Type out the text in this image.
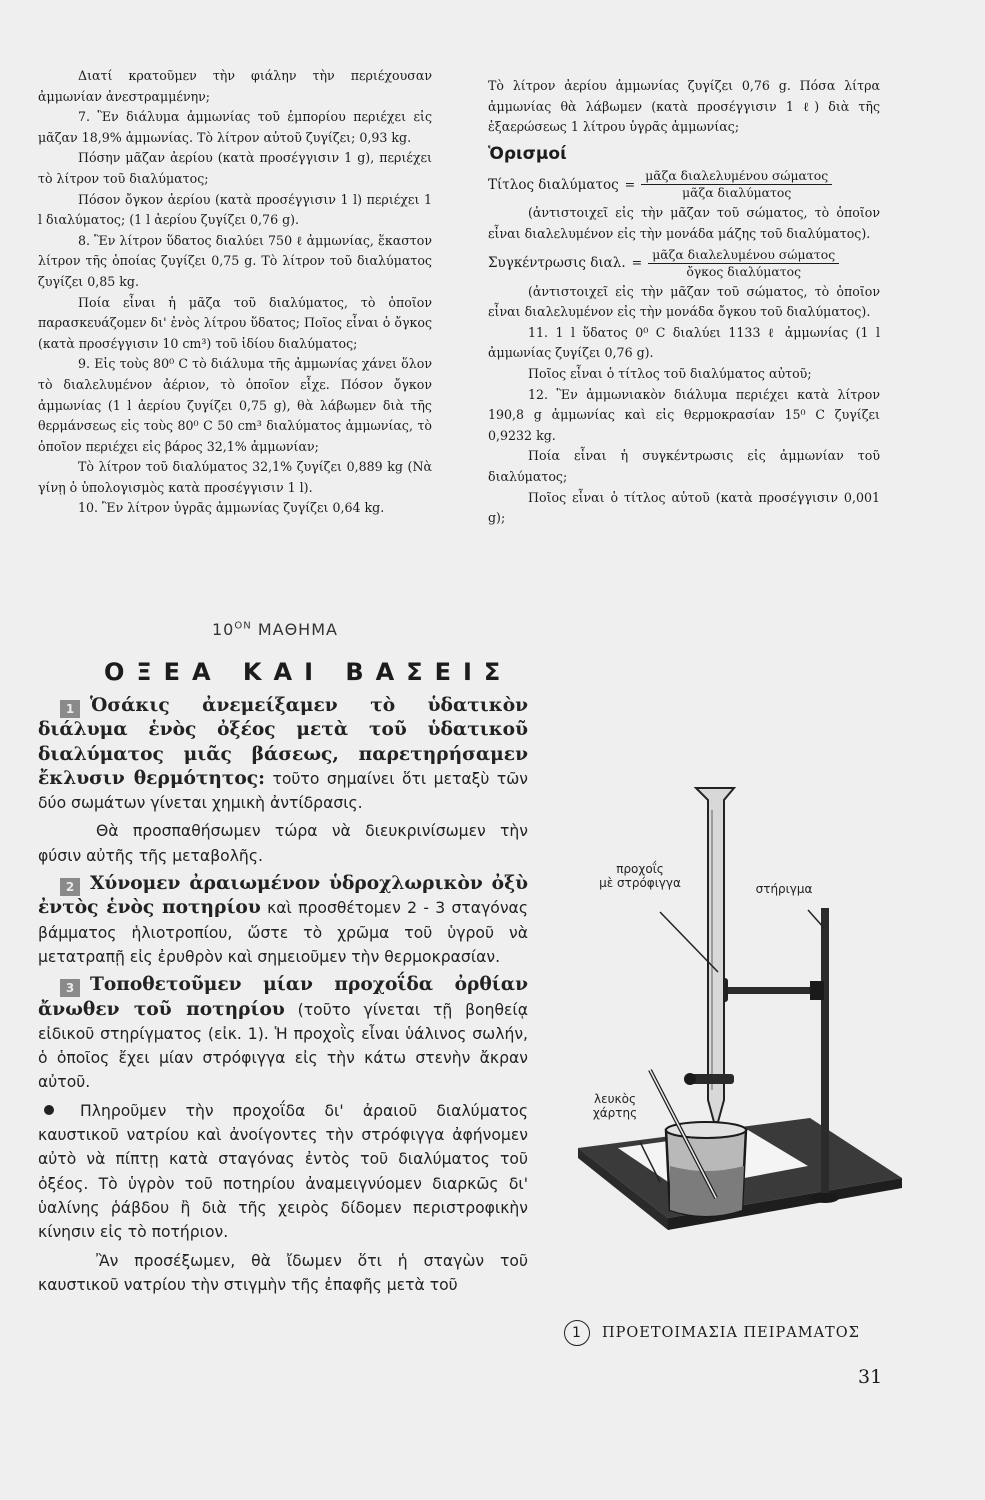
Διατί κρατοῦμεν τὴν φιάλην τὴν περιέχουσαν ἀμμωνίαν ἀνεστραμμένην;

7. Ἓν διάλυμα ἀμμωνίας τοῦ ἐμπορίου περιέχει εἰς μᾶζαν 18,9% ἀμμωνίας. Τὸ λίτρον αὐτοῦ ζυγίζει; 0,93 kg.

Πόσην μᾶζαν ἀερίου (κατὰ προσέγγισιν 1 g), περιέχει τὸ λίτρον τοῦ διαλύματος;

Πόσον ὄγκον ἀερίου (κατὰ προσέγγισιν 1 l) περιέχει 1 l διαλύματος; (1 l ἀερίου ζυγίζει 0,76 g).

8. Ἓν λίτρον ὕδατος διαλύει 750 ℓ ἀμμωνίας, ἕκαστον λίτρον τῆς ὁποίας ζυγίζει 0,75 g. Τὸ λίτρον τοῦ διαλύματος ζυγίζει 0,85 kg.

Ποία εἶναι ἡ μᾶζα τοῦ διαλύματος, τὸ ὁποῖον παρασκευάζομεν δι' ἑνὸς λίτρου ὕδατος; Ποῖος εἶναι ὁ ὄγκος (κατὰ προσέγγισιν 10 cm³) τοῦ ἰδίου διαλύματος;

9. Εἰς τοὺς 80⁰ C τὸ διάλυμα τῆς ἀμμωνίας χάνει ὅλον τὸ διαλελυμένον ἀέριον, τὸ ὁποῖον εἶχε. Πόσον ὄγκον ἀμμωνίας (1 l ἀερίου ζυγίζει 0,75 g), θὰ λάβωμεν διὰ τῆς θερμάνσεως εἰς τοὺς 80⁰ C 50 cm³ διαλύματος ἀμμωνίας, τὸ ὁποῖον περιέχει εἰς βάρος 32,1% ἀμμωνίαν;

Τὸ λίτρον τοῦ διαλύματος 32,1% ζυγίζει 0,889 kg (Νὰ γίνῃ ὁ ὑπολογισμὸς κατὰ προσέγγισιν 1 l).

10. Ἓν λίτρον ὑγρᾶς ἀμμωνίας ζυγίζει 0,64 kg.

Τὸ λίτρον ἀερίου ἀμμωνίας ζυγίζει 0,76 g. Πόσα λίτρα ἀμμωνίας θὰ λάβωμεν (κατὰ προσέγγισιν 1 ℓ) διὰ τῆς ἐξαερώσεως 1 λίτρου ὑγρᾶς ἀμμωνίας;

Ὁρισμοί
Τίτλος $\delta\iota\alpha\lambda ύ\mu\alpha\tau o\varsigma = \frac{\text{μᾶζα διαλελυμένου σώματος}}{\text{μᾶζα διαλύματος}}$

(ἀντιστοιχεῖ εἰς τὴν μᾶζαν τοῦ σώματος, τὸ ὁποῖον εἶναι διαλελυμένον εἰς τὴν μονάδα μάζης τοῦ διαλύματος).

Συγκέντρωσις διαλ. = $\frac{\text{μᾶζα διαλελυμένου σώματος}}{\text{ὄγκος διαλύματος}}$

(ἀντιστοιχεῖ εἰς τὴν μᾶζαν τοῦ σώματος, τὸ ὁποῖον εἶναι διαλελυμένον εἰς τὴν μονάδα ὄγκου τοῦ διαλύματος).

11. 1 l ὕδατος 0⁰ C διαλύει 1133 ℓ ἀμμωνίας (1 l ἀμμωνίας ζυγίζει 0,76 g).

Ποῖος εἶναι ὁ τίτλος τοῦ διαλύματος αὐτοῦ;

12. Ἓν ἀμμωνιακὸν διάλυμα περιέχει κατὰ λίτρον 190,8 g ἀμμωνίας καὶ εἰς θερμοκρασίαν 15⁰ C ζυγίζει 0,9232 kg.

Ποία εἶναι ἡ συγκέντρωσις εἰς ἀμμωνίαν τοῦ διαλύματος;

Ποῖος εἶναι ὁ τίτλος αὐτοῦ (κατὰ προσέγγισιν 0,001 g);

$10^{ON}$ ΜΑΘΗΜΑ
ΟΞΕΑ ΚΑΙ ΒΑΣΕΙΣ

1 Ὁσάκις ἀνεμείξαμεν τὸ ὑδατικὸν διάλυμα ἑνὸς ὀξέος μετὰ τοῦ ὑδατικοῦ διαλύματος μιᾶς βάσεως, παρετηρήσαμεν ἔκλυσιν θερμότητος: τοῦτο σημαίνει ὅτι μεταξὺ τῶν δύο σωμάτων γίνεται χημικὴ ἀντίδρασις.

Θὰ προσπαθήσωμεν τώρα νὰ διευκρινίσωμεν τὴν φύσιν αὐτῆς τῆς μεταβολῆς.

2 Χύνομεν ἀραιωμένον ὑδροχλωρικὸν ὀξὺ ἐντὸς ἑνὸς ποτηρίου καὶ προσθέτομεν 2 - 3 σταγόνας βάμματος ἡλιοτροπίου, ὥστε τὸ χρῶμα τοῦ ὑγροῦ νὰ μετατραπῇ εἰς ἐρυθρὸν καὶ σημειοῦμεν τὴν θερμοκρασίαν.

3 Τοποθετοῦμεν μίαν προχοΐδα ὀρθίαν ἄνωθεν τοῦ ποτηρίου (τοῦτο γίνεται τῇ βοηθείᾳ εἰδικοῦ στηρίγματος (εἰκ. 1). Ἡ προχοῒς εἶναι ὑάλινος σωλήν, ὁ ὁποῖος ἔχει μίαν στρόφιγγα εἰς τὴν κάτω στενὴν ἄκραν αὐτοῦ.

Πληροῦμεν τὴν προχοΐδα δι' ἀραιοῦ διαλύματος καυστικοῦ νατρίου καὶ ἀνοίγοντες τὴν στρόφιγγα ἀφήνομεν αὐτὸ νὰ πίπτῃ κατὰ σταγόνας ἐντὸς τοῦ διαλύματος τοῦ ὀξέος. Τὸ ὑγρὸν τοῦ ποτηρίου ἀναμειγνύομεν διαρκῶς δι' ὑαλίνης ῥάβδου ἢ διὰ τῆς χειρὸς δίδομεν περιστροφικὴν κίνησιν εἰς τὸ ποτήριον.

Ἂν προσέξωμεν, θὰ ἴδωμεν ὅτι ἡ σταγὼν τοῦ καυστικοῦ νατρίου τὴν στιγμὴν τῆς ἐπαφῆς μετὰ τοῦ

προχοΐς
μὲ στρόφιγγα	στήριγμα
λευκὸς
χάρτης
1	ΠΡΟΕΤΟΙΜΑΣΙΑ ΠΕΙΡΑΜΑΤΟΣ
31
